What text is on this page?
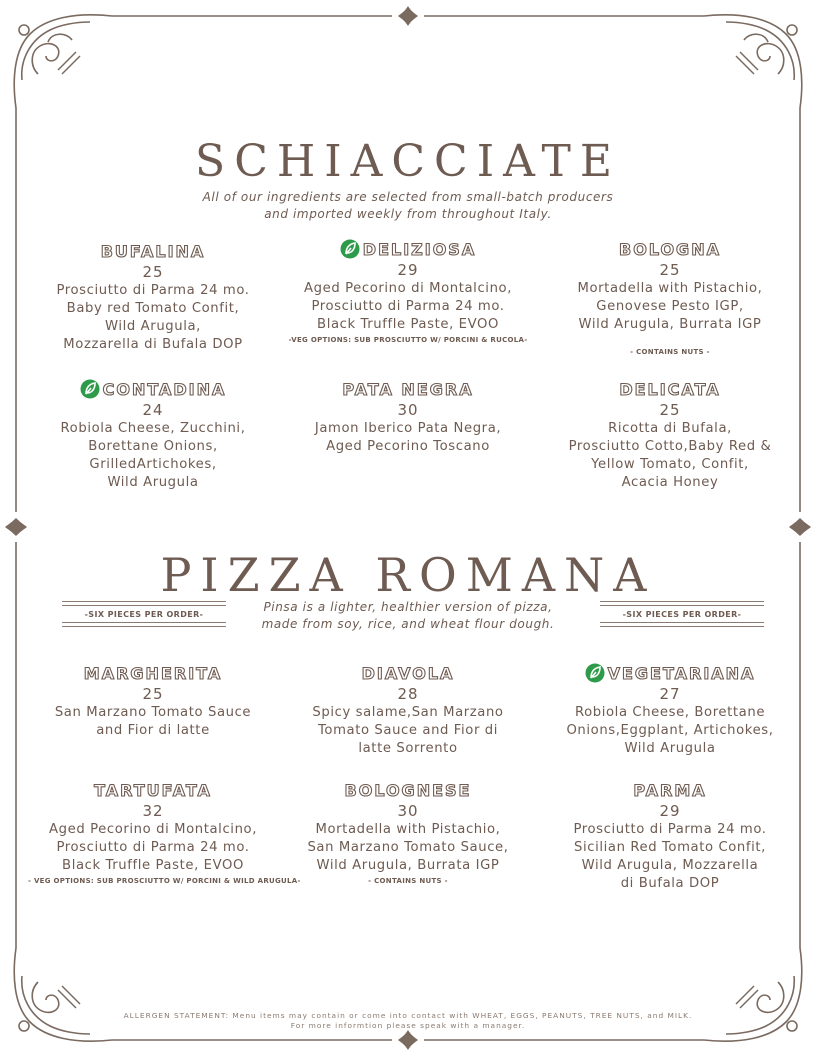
SCHIACCIATE
All of our ingredients are selected from small-batch producers
and imported weekly from throughout Italy.
BUFALINA
25
Prosciutto di Parma 24 mo.
Baby red Tomato Confit,
Wild Arugula,
Mozzarella di Bufala DOP
DELIZIOSA
29
Aged Pecorino di Montalcino,
Prosciutto di Parma 24 mo.
Black Truffle Paste, EVOO
-VEG OPTIONS: SUB PROSCIUTTO W/ PORCINI & RUCOLA-
BOLOGNA
25
Mortadella with Pistachio,
Genovese Pesto IGP,
Wild Arugula, Burrata IGP
- CONTAINS NUTS -
CONTADINA
24
Robiola Cheese, Zucchini,
Borettane Onions,
GrilledArtichokes,
Wild Arugula
PATA NEGRA
30
Jamon Iberico Pata Negra,
Aged Pecorino Toscano
DELICATA
25
Ricotta di Bufala,
Prosciutto Cotto,Baby Red &
Yellow Tomato, Confit,
Acacia Honey
PIZZA ROMANA
-SIX PIECES PER ORDER-	-SIX PIECES PER ORDER-
Pinsa is a lighter, healthier version of pizza,
made from soy, rice, and wheat flour dough.
MARGHERITA
25
San Marzano Tomato Sauce
and Fior di latte
DIAVOLA
28
Spicy salame,San Marzano
Tomato Sauce and Fior di
latte Sorrento
VEGETARIANA
27
Robiola Cheese, Borettane
Onions,Eggplant, Artichokes,
Wild Arugula
TARTUFATA
32
Aged Pecorino di Montalcino,
Prosciutto di Parma 24 mo.
Black Truffle Paste, EVOO
- VEG OPTIONS: SUB PROSCIUTTO W/ PORCINI & WILD ARUGULA-
BOLOGNESE
30
Mortadella with Pistachio,
San Marzano Tomato Sauce,
Wild Arugula, Burrata IGP
- CONTAINS NUTS -
PARMA
29
Prosciutto di Parma 24 mo.
Sicilian Red Tomato Confit,
Wild Arugula, Mozzarella
di Bufala DOP
ALLERGEN STATEMENT: Menu items may contain or come into contact with WHEAT, EGGS, PEANUTS, TREE NUTS, and MILK.
For more informtion please speak with a manager.
